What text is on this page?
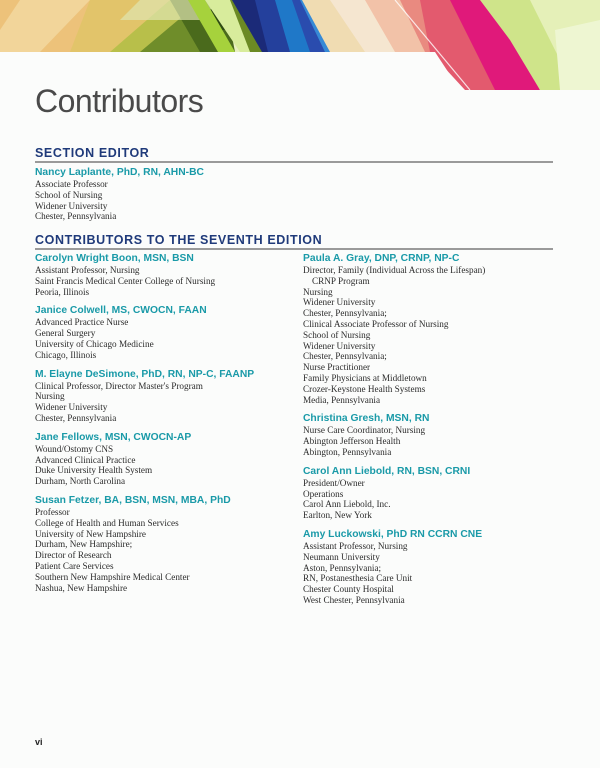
Contributors
SECTION EDITOR
Nancy Laplante, PhD, RN, AHN-BC
Associate Professor
School of Nursing
Widener University
Chester, Pennsylvania
CONTRIBUTORS TO THE SEVENTH EDITION
Carolyn Wright Boon, MSN, BSN
Assistant Professor, Nursing
Saint Francis Medical Center College of Nursing
Peoria, Illinois
Janice Colwell, MS, CWOCN, FAAN
Advanced Practice Nurse
General Surgery
University of Chicago Medicine
Chicago, Illinois
M. Elayne DeSimone, PhD, RN, NP-C, FAANP
Clinical Professor, Director Master's Program
Nursing
Widener University
Chester, Pennsylvania
Jane Fellows, MSN, CWOCN-AP
Wound/Ostomy CNS
Advanced Clinical Practice
Duke University Health System
Durham, North Carolina
Susan Fetzer, BA, BSN, MSN, MBA, PhD
Professor
College of Health and Human Services
University of New Hampshire
Durham, New Hampshire;
Director of Research
Patient Care Services
Southern New Hampshire Medical Center
Nashua, New Hampshire
Paula A. Gray, DNP, CRNP, NP-C
Director, Family (Individual Across the Lifespan)
CRNP Program
Nursing
Widener University
Chester, Pennsylvania;
Clinical Associate Professor of Nursing
School of Nursing
Widener University
Chester, Pennsylvania;
Nurse Practitioner
Family Physicians at Middletown
Crozer-Keystone Health Systems
Media, Pennsylvania
Christina Gresh, MSN, RN
Nurse Care Coordinator, Nursing
Abington Jefferson Health
Abington, Pennsylvania
Carol Ann Liebold, RN, BSN, CRNI
President/Owner
Operations
Carol Ann Liebold, Inc.
Earlton, New York
Amy Luckowski, PhD RN CCRN CNE
Assistant Professor, Nursing
Neumann University
Aston, Pennsylvania;
RN, Postanesthesia Care Unit
Chester County Hospital
West Chester, Pennsylvania
vi
